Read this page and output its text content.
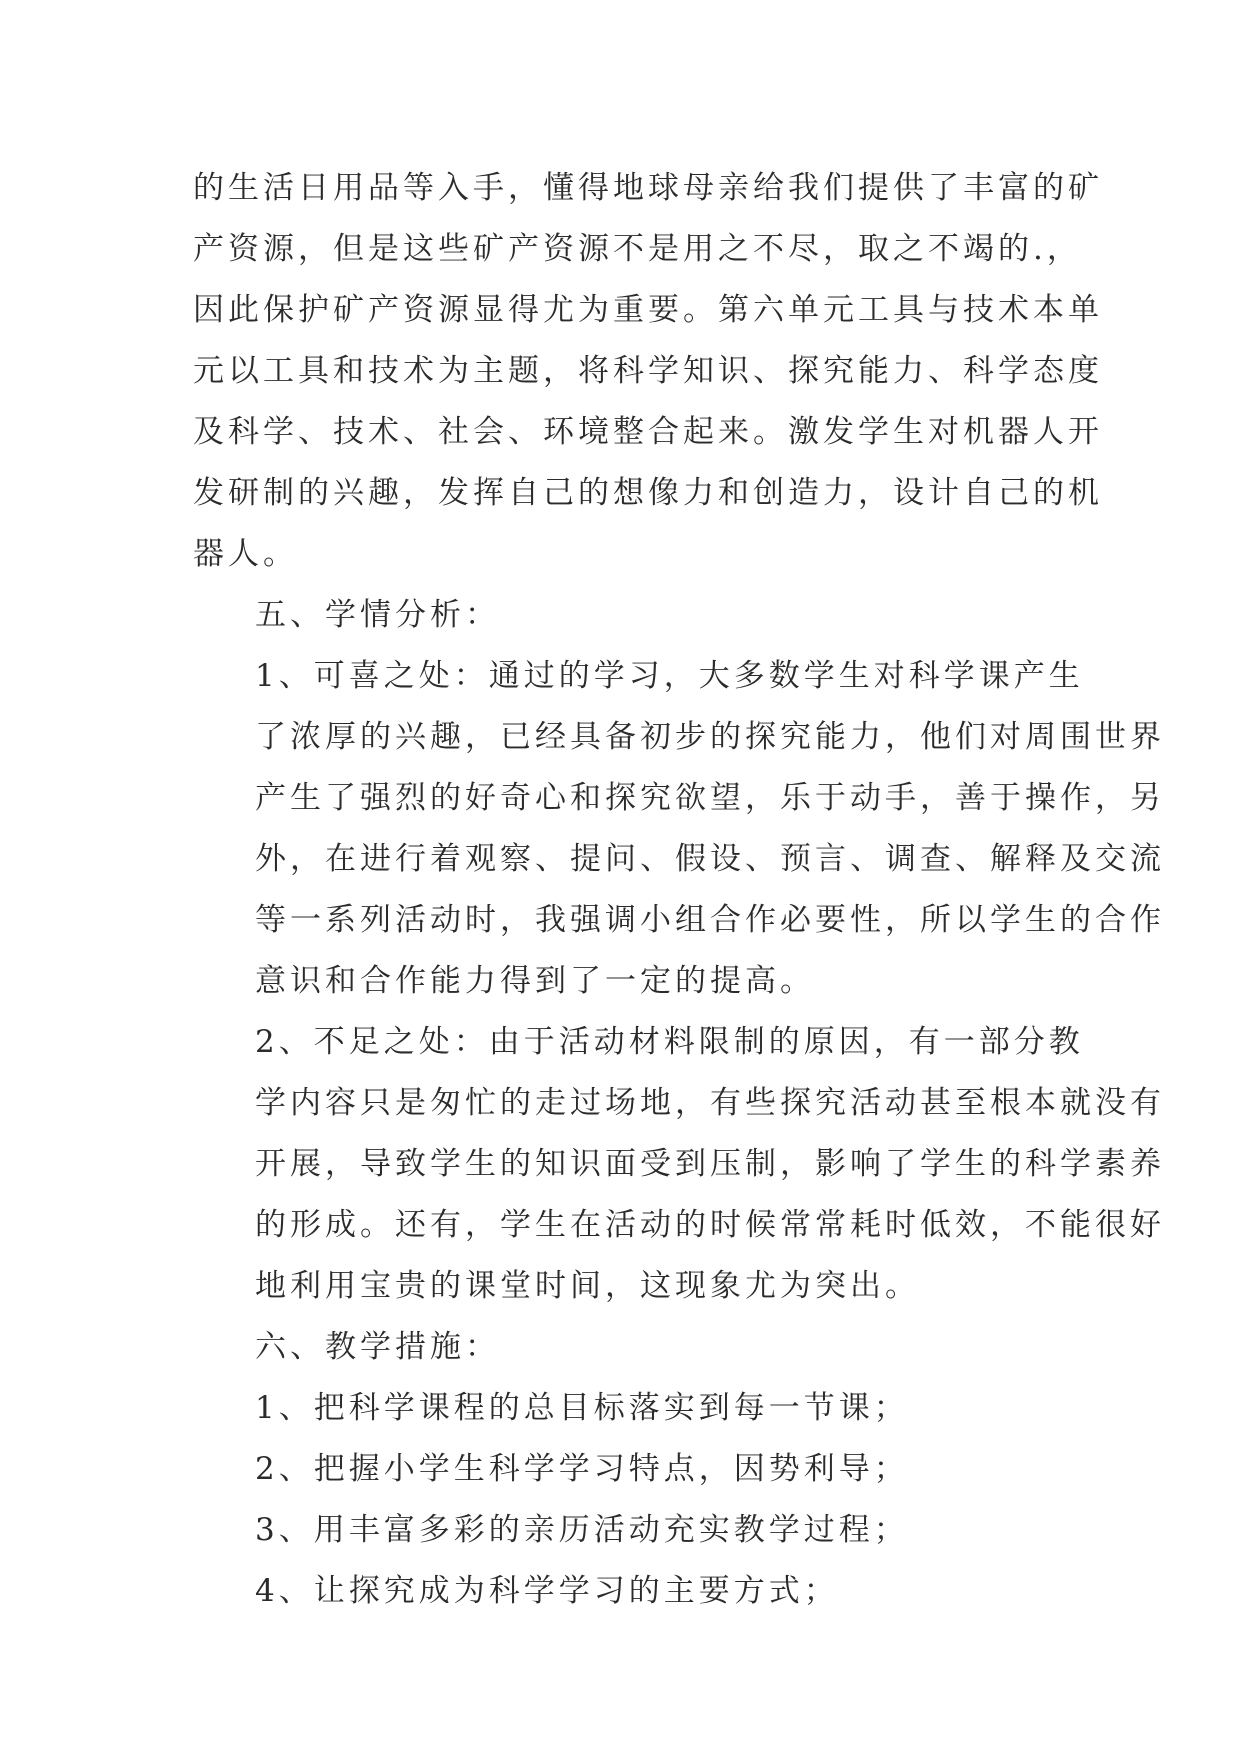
的生活日用品等入手，懂得地球母亲给我们提供了丰富的矿
产资源，但是这些矿产资源不是用之不尽，取之不竭的.，
因此保护矿产资源显得尤为重要。第六单元工具与技术本单
元以工具和技术为主题，将科学知识、探究能力、科学态度
及科学、技术、社会、环境整合起来。激发学生对机器人开
发研制的兴趣，发挥自己的想像力和创造力，设计自己的机
器人。
五、学情分析：
1、可喜之处：通过的学习，大多数学生对科学课产生
了浓厚的兴趣，已经具备初步的探究能力，他们对周围世界
产生了强烈的好奇心和探究欲望，乐于动手，善于操作，另
外，在进行着观察、提问、假设、预言、调查、解释及交流
等一系列活动时，我强调小组合作必要性，所以学生的合作
意识和合作能力得到了一定的提高。
2、不足之处：由于活动材料限制的原因，有一部分教
学内容只是匆忙的走过场地，有些探究活动甚至根本就没有
开展，导致学生的知识面受到压制，影响了学生的科学素养
的形成。还有，学生在活动的时候常常耗时低效，不能很好
地利用宝贵的课堂时间，这现象尤为突出。
六、教学措施：
1、把科学课程的总目标落实到每一节课；
2、把握小学生科学学习特点，因势利导；
3、用丰富多彩的亲历活动充实教学过程；
4、让探究成为科学学习的主要方式；
